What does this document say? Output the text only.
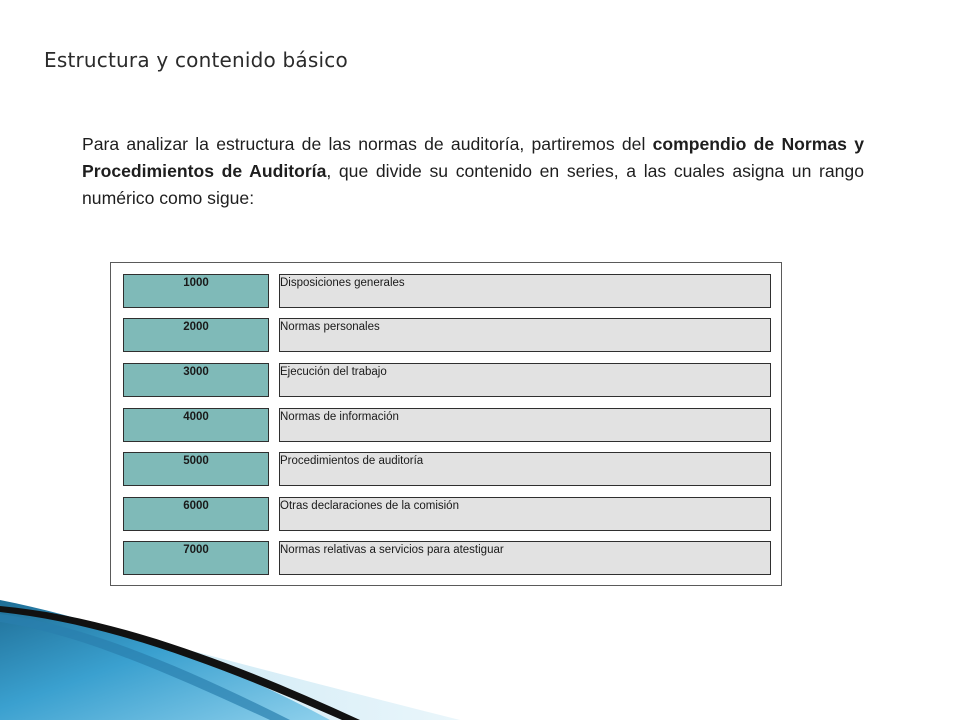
Estructura y contenido básico
Para analizar la estructura de las normas de auditoría, partiremos del compendio de Normas y Procedimientos de Auditoría, que divide su contenido en series, a las cuales asigna un rango numérico como sigue:
1000	Disposiciones generales
2000	Normas personales
3000	Ejecución del trabajo
4000	Normas de información
5000	Procedimientos de auditoría
6000	Otras declaraciones de la comisión
7000	Normas relativas a servicios para atestiguar
